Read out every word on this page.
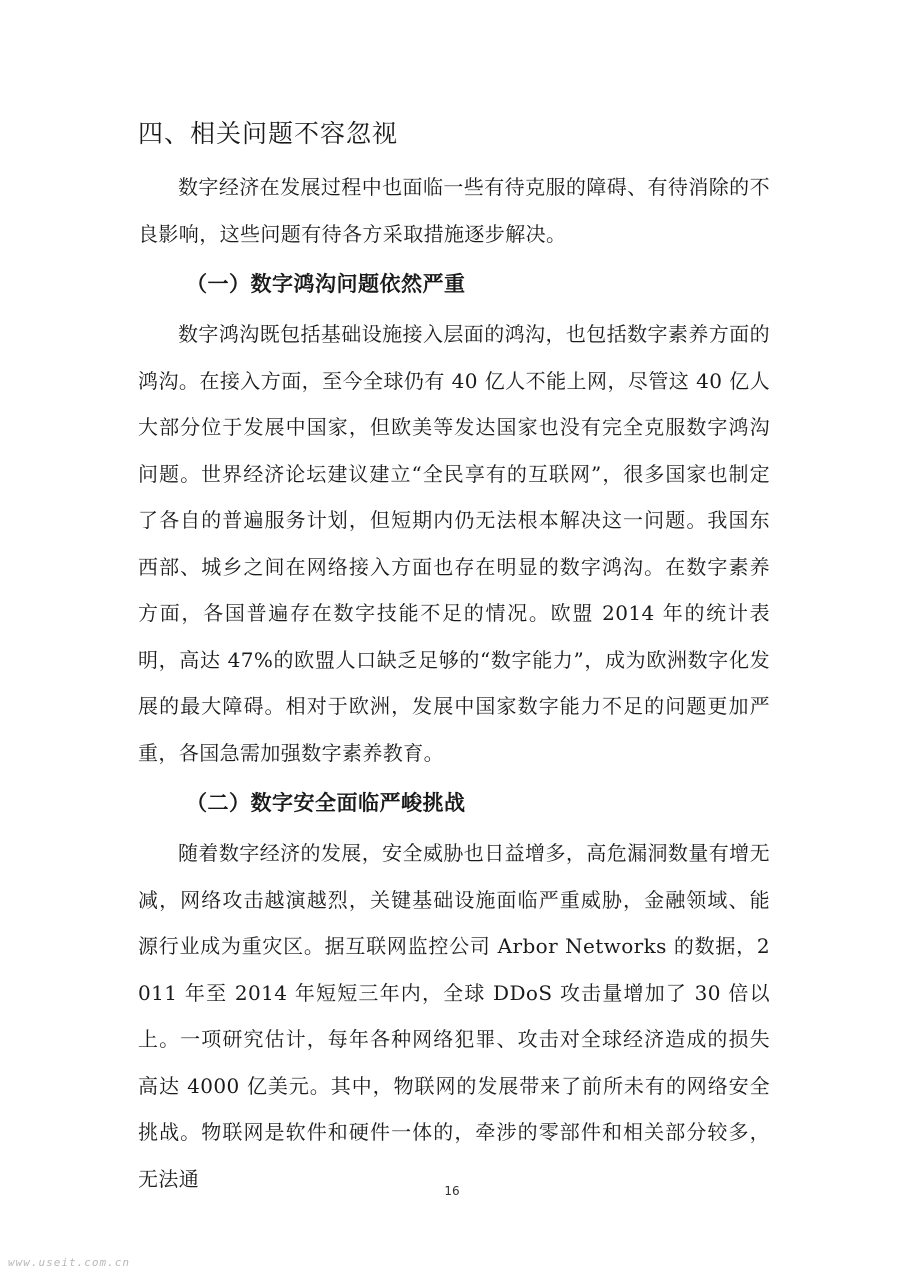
四、相关问题不容忽视

数字经济在发展过程中也面临一些有待克服的障碍、有待消除的不良影响，这些问题有待各方采取措施逐步解决。

（一）数字鸿沟问题依然严重

数字鸿沟既包括基础设施接入层面的鸿沟，也包括数字素养方面的鸿沟。在接入方面，至今全球仍有 40 亿人不能上网，尽管这 40 亿人大部分位于发展中国家，但欧美等发达国家也没有完全克服数字鸿沟问题。世界经济论坛建议建立“全民享有的互联网”，很多国家也制定了各自的普遍服务计划，但短期内仍无法根本解决这一问题。我国东西部、城乡之间在网络接入方面也存在明显的数字鸿沟。在数字素养方面，各国普遍存在数字技能不足的情况。欧盟 2014 年的统计表明，高达 47%的欧盟人口缺乏足够的“数字能力”，成为欧洲数字化发展的最大障碍。相对于欧洲，发展中国家数字能力不足的问题更加严重，各国急需加强数字素养教育。

（二）数字安全面临严峻挑战

随着数字经济的发展，安全威胁也日益增多，高危漏洞数量有增无减，网络攻击越演越烈，关键基础设施面临严重威胁，金融领域、能源行业成为重灾区。据互联网监控公司 Arbor Networks 的数据，2011 年至 2014 年短短三年内，全球 DDoS 攻击量增加了 30 倍以上。一项研究估计，每年各种网络犯罪、攻击对全球经济造成的损失高达 4000 亿美元。其中，物联网的发展带来了前所未有的网络安全挑战。物联网是软件和硬件一体的，牵涉的零部件和相关部分较多，无法通

16
www.useit.com.cn
